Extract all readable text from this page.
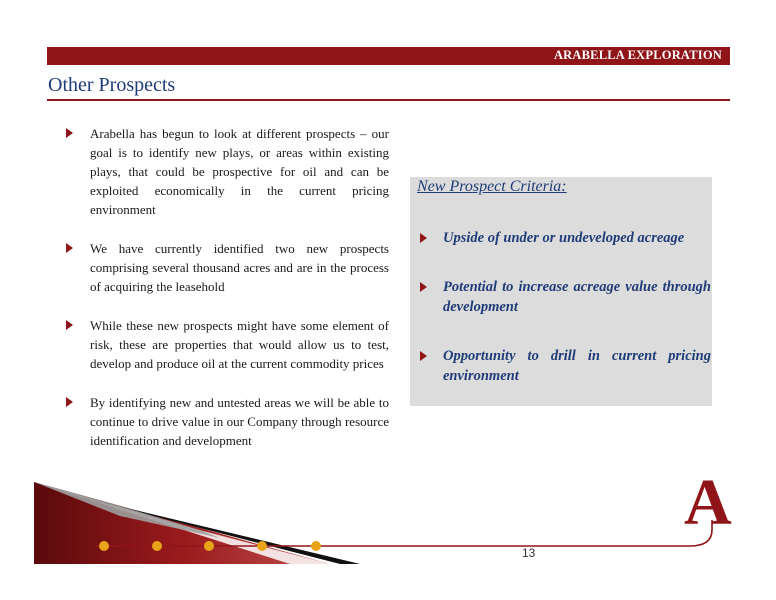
ARABELLA EXPLORATION
Other Prospects
Arabella has begun to look at different prospects – our goal is to identify new plays, or areas within existing plays, that could be prospective for oil and can be exploited economically in the current pricing environment
We have currently identified two new prospects comprising several thousand acres and are in the process of acquiring the leasehold
While these new prospects might have some element of risk, these are properties that would allow us to test, develop and produce oil at the current commodity prices
By identifying new and untested areas we will be able to continue to drive value in our Company through resource identification and development
New Prospect Criteria:
Upside of under or undeveloped acreage
Potential to increase acreage value through development
Opportunity to drill in current pricing environment
A
13
